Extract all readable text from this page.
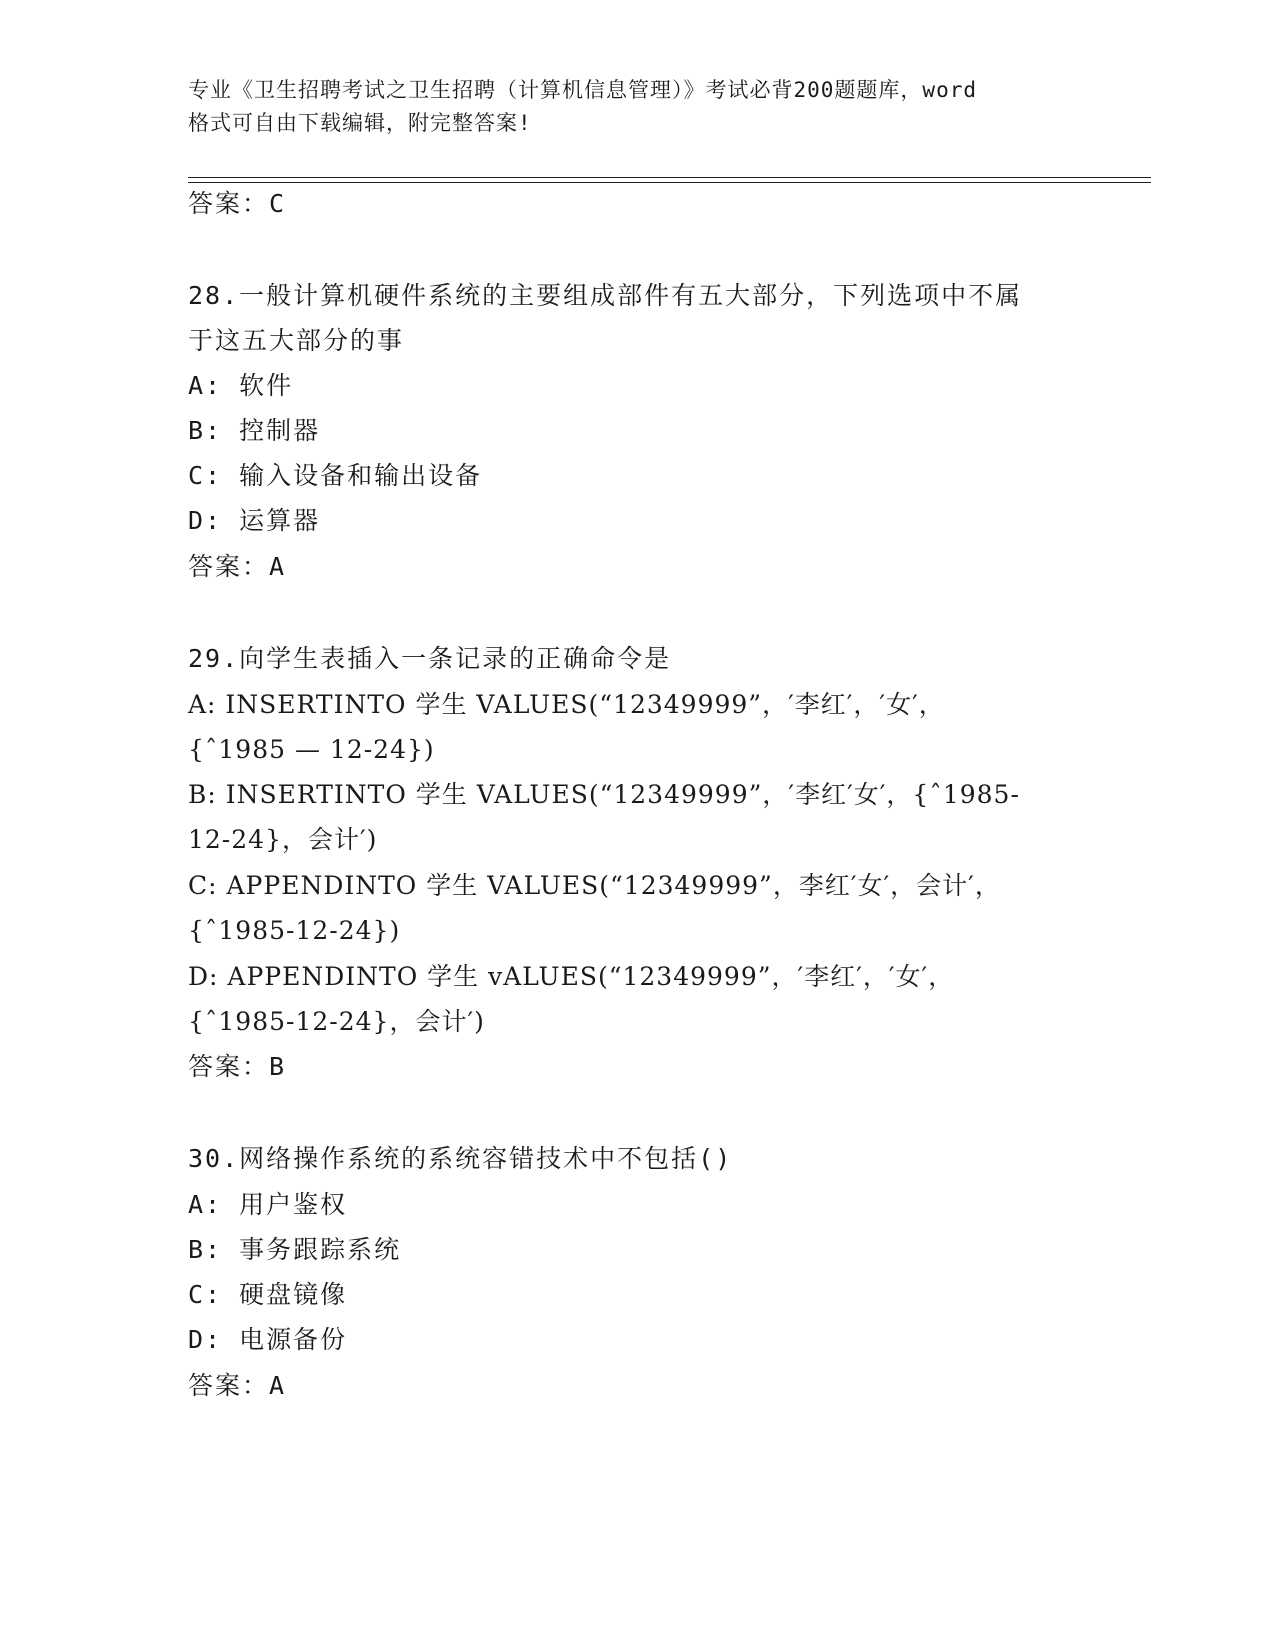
专业《卫生招聘考试之卫生招聘（计算机信息管理）》考试必背200题题库，word
格式可自由下载编辑，附完整答案!
答案：C
28.一般计算机硬件系统的主要组成部件有五大部分，下列选项中不属
于这五大部分的事
A: 软件
B: 控制器
C: 输入设备和输出设备
D: 运算器
答案：A
29.向学生表插入一条记录的正确命令是
A: INSERTINTO 学生 VALUES(“12349999”，′李红′，′女′，
{ˆ1985 — 12-24})
B: INSERTINTO 学生 VALUES(“12349999”，′李红′女′，{ˆ1985-
12-24}，会计′)
C: APPENDINTO 学生 VALUES(“12349999”，李红′女′，会计′，
{ˆ1985-12-24})
D: APPENDINTO 学生 vALUES(“12349999”，′李红′，′女′，
{ˆ1985-12-24}，会计′)
答案：B
30.网络操作系统的系统容错技术中不包括()
A: 用户鉴权
B: 事务跟踪系统
C: 硬盘镜像
D: 电源备份
答案：A
